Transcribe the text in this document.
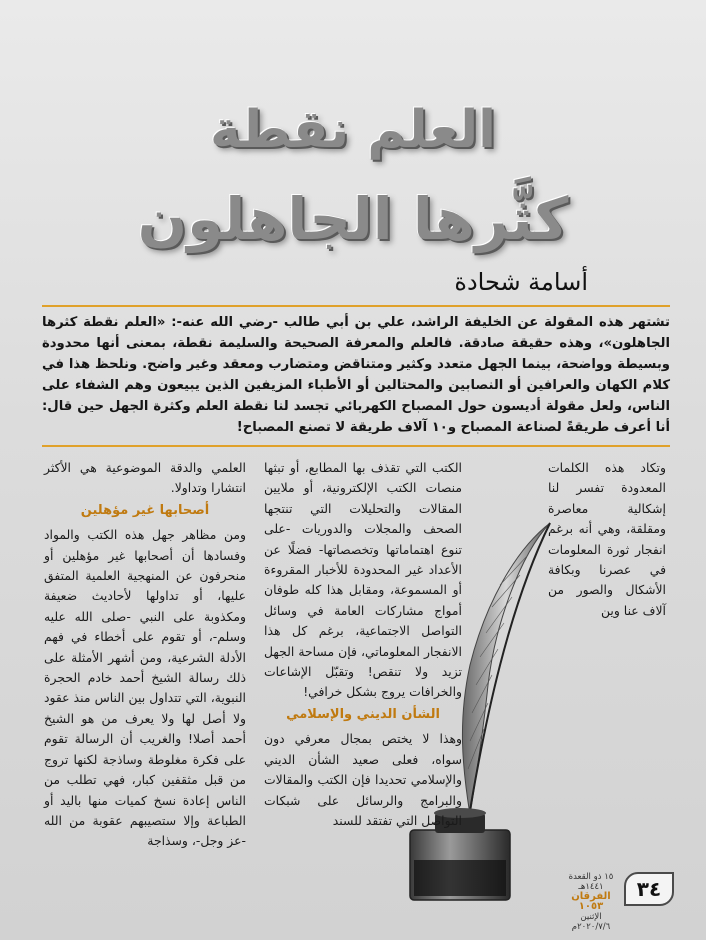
العلم نقطة
كثَّرها الجاهلون
أسامة شحادة
تشتهر هذه المقولة عن الخليفة الراشد، علي بن أبي طالب -رضي الله عنه-: «العلم نقطة كثرها الجاهلون»، وهذه حقيقة صادقة. فالعلم والمعرفة الصحيحة والسليمة نقطة، بمعنى أنها محدودة وبسيطة وواضحة، بينما الجهل متعدد وكثير ومتناقض ومتضارب ومعقد وغير واضح. ونلحظ هذا في كلام الكهان والعرافين أو النصابين والمحتالين أو الأطباء المزيفين الذين يبيعون وهم الشفاء على الناس، ولعل مقولة أديسون حول المصباح الكهربائي تجسد لنا نقطة العلم وكثرة الجهل حين قال: أنا أعرف طريقةً لصناعة المصباح و١٠ آلاف طريقة لا تصنع المصباح!

وتكاد هذه الكلمات المعدودة تفسر لنا إشكالية معاصرة ومقلقة، وهي أنه برغم انفجار ثورة المعلومات في عصرنا وبكافة الأشكال والصور من آلاف عنا وين

الكتب التي تقذف بها المطابع، أو تبثها منصات الكتب الإلكترونية، أو ملايين المقالات والتحليلات التي تنتجها الصحف والمجلات والدوريات -على تنوع اهتماماتها وتخصصاتها- فضلًا عن الأعداد غير المحدودة للأخبار المقروءة أو المسموعة، ومقابل هذا كله طوفان أمواج مشاركات العامة في وسائل التواصل الاجتماعية، برغم كل هذا الانفجار المعلوماتي، فإن مساحة الجهل تزيد ولا تنقص! وتقبّل الإشاعات والخرافات يروج بشكل خرافي!

الشأن الديني والإسلامي

وهذا لا يختص بمجال معرفي دون سواه، فعلى صعيد الشأن الديني والإسلامي تحديدا فإن الكتب والمقالات والبرامج والرسائل على شبكات التواصل التي تفتقد للسند

العلمي والدقة الموضوعية هي الأكثر انتشارا وتداولا.

أصحابها غير مؤهلين

ومن مظاهر جهل هذه الكتب والمواد وفسادها أن أصحابها غير مؤهلين أو منحرفون عن المنهجية العلمية المتفق عليها، أو تداولها لأحاديث ضعيفة ومكذوبة على النبي -صلى الله عليه وسلم-، أو تقوم على أخطاء في فهم الأدلة الشرعية، ومن أشهر الأمثلة على ذلك رسالة الشيخ أحمد خادم الحجرة النبوية، التي تتداول بين الناس منذ عقود ولا أصل لها ولا يعرف من هو الشيخ أحمد أصلا! والغريب أن الرسالة تقوم على فكرة مغلوطة وساذجة لكنها تروج من قبل مثقفين كبار، فهي تطلب من الناس إعادة نسخ كميات منها باليد أو الطباعة وإلا ستصيبهم عقوبة من الله -عز وجل-، وسذاجة

١٥ ذو القعدة ١٤٤١هـ
الفرقان ١٠٥٣
الإثنين ٢٠٢٠/٧/٦م
٣٤
